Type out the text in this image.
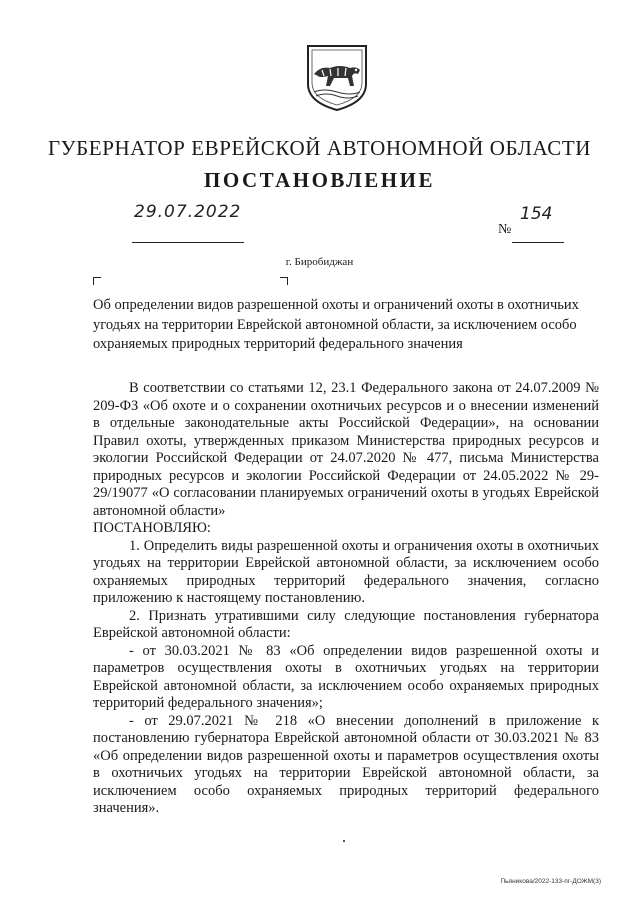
ГУБЕРНАТОР ЕВРЕЙСКОЙ АВТОНОМНОЙ ОБЛАСТИ
ПОСТАНОВЛЕНИЕ
29.07.2022
№
154
г. Биробиджан
Об определении видов разрешенной охоты и ограничений охоты в охотничьих угодьях на территории Еврейской автономной области, за исключением особо охраняемых природных территорий федерального значения

В соответствии со статьями 12, 23.1 Федерального закона от 24.07.2009 № 209-ФЗ «Об охоте и о сохранении охотничьих ресурсов и о внесении изменений в отдельные законодательные акты Российской Федерации», на основании Правил охоты, утвержденных приказом Министерства природных ресурсов и экологии Российской Федерации от 24.07.2020 № 477, письма Министерства природных ресурсов и экологии Российской Федерации от 24.05.2022 № 29-29/19077 «О согласовании планируемых ограничений охоты в угодьях Еврейской автономной области»

ПОСТАНОВЛЯЮ:

1. Определить виды разрешенной охоты и ограничения охоты в охотничьих угодьях на территории Еврейской автономной области, за исключением особо охраняемых природных территорий федерального значения, согласно приложению к настоящему постановлению.

2. Признать утратившими силу следующие постановления губернатора Еврейской автономной области:

- от 30.03.2021 № 83 «Об определении видов разрешенной охоты и параметров осуществления охоты в охотничьих угодьях на территории Еврейской автономной области, за исключением особо охраняемых природных территорий федерального значения»;

- от 29.07.2021 № 218 «О внесении дополнений в приложение к постановлению губернатора Еврейской автономной области от 30.03.2021 № 83 «Об определении видов разрешенной охоты и параметров осуществления охоты в охотничьих угодьях на территории Еврейской автономной области, за исключением особо охраняемых природных территорий федерального значения».

Пьяникова/2022-133-пг-ДОЖМ(3)
